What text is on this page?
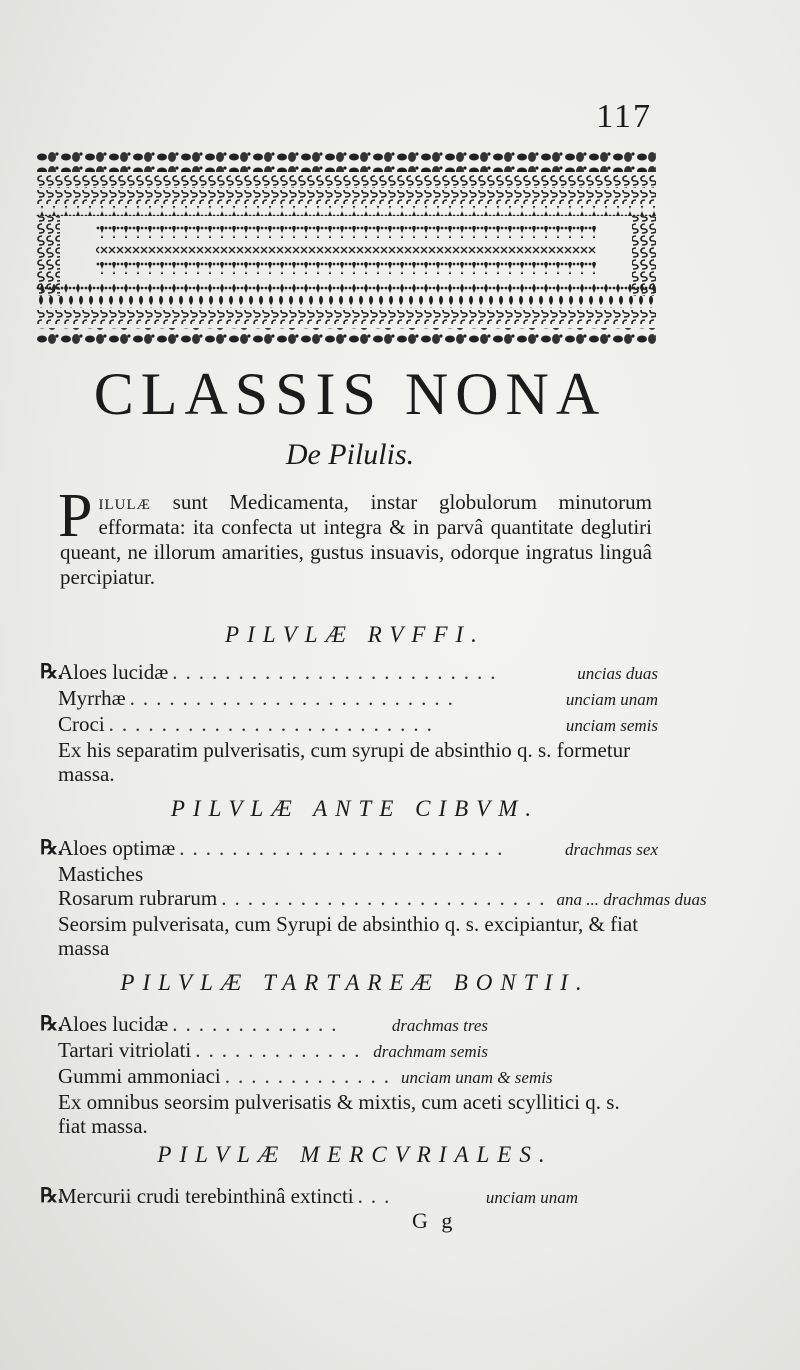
117
CLASSIS NONA
De Pilulis.
Pilulæ sunt Medicamenta, instar globulorum minutorum efformata: ita confecta ut integra & in parvâ quantitate deglutiri queant, ne illorum amarities, gustus insuavis, odorque ingratus linguâ percipiatur.
PILVLÆ RVFFI.
℞.
Aloes lucidæ .........................	uncias duas
Myrrhæ .........................	unciam unam
Croci .........................	unciam semis
Ex his separatim pulverisatis, cum syrupi de absinthio q. s. formetur massa.
PILVLÆ ANTE CIBVM.
℞.
Aloes optimæ .........................	drachmas sex
Mastiches
Rosarum rubrarum ......................... ana ... drachmas duas
Seorsim pulverisata, cum Syrupi de absinthio q. s. excipiantur, & fiat massa
PILVLÆ TARTAREÆ BONTII.
℞.
Aloes lucidæ .............	drachmas tres
Tartari vitriolati ............. drachmam semis
Gummi ammoniaci ............. unciam unam & semis
Ex omnibus seorsim pulverisatis & mixtis, cum aceti scyllitici q. s. fiat massa.
PILVLÆ MERCVRIALES.
℞.
Mercurii crudi terebinthinâ extincti ...	unciam unam
G g
